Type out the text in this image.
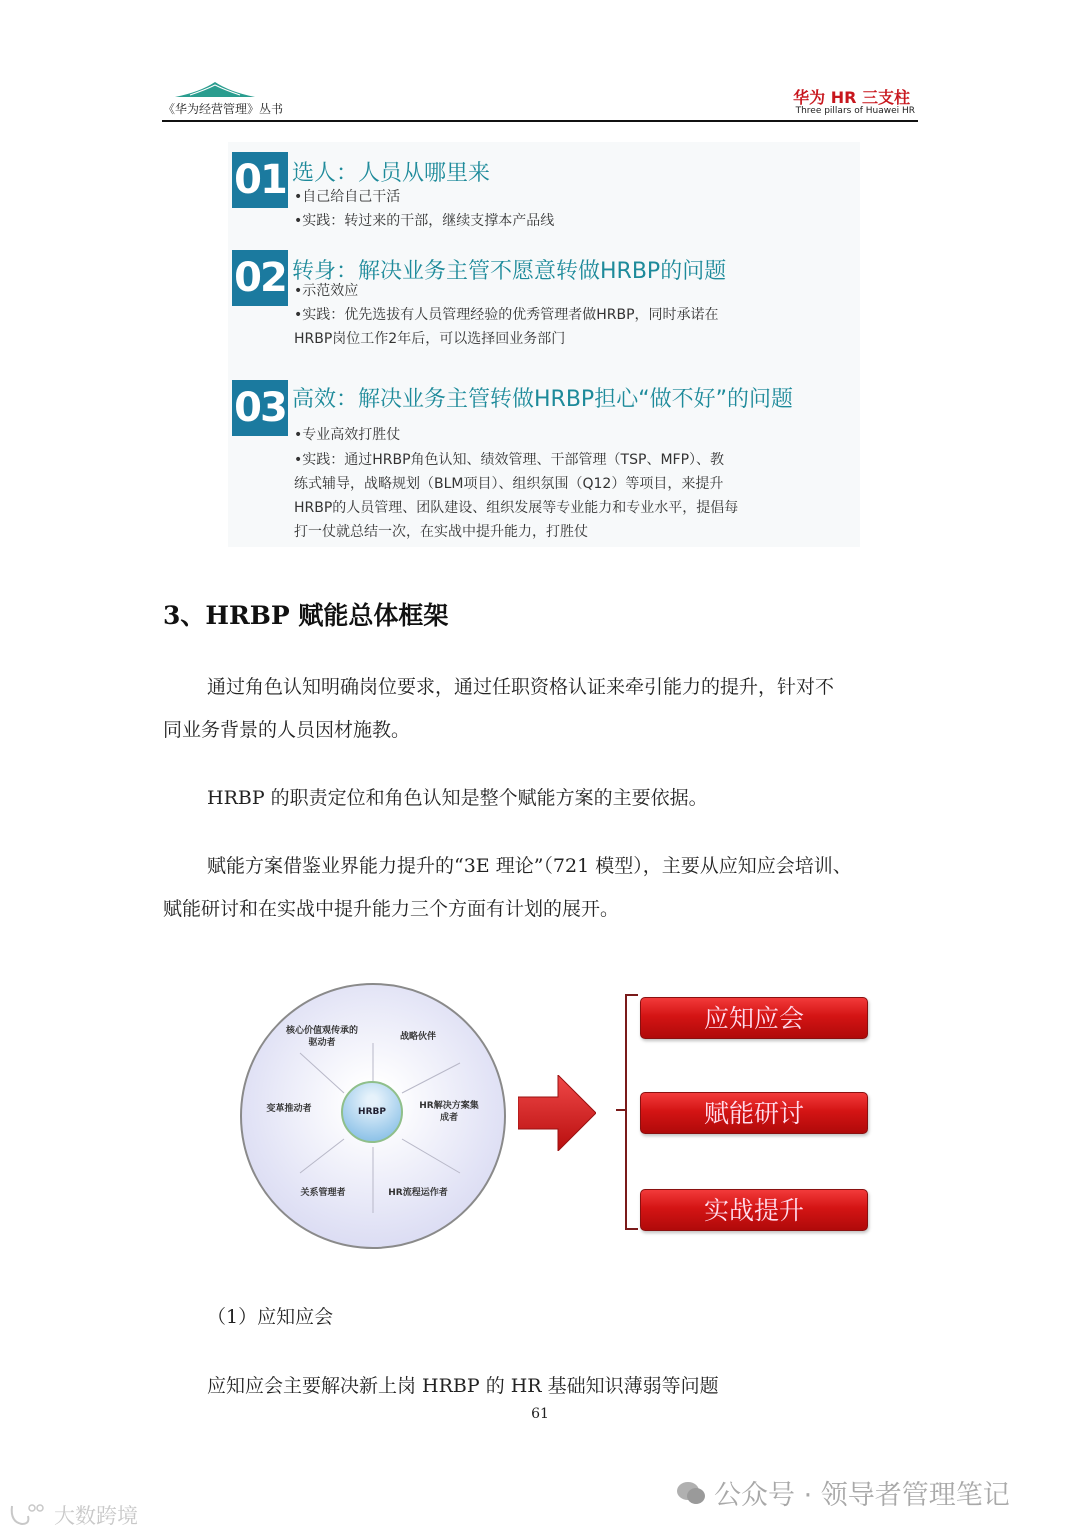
《华为经营管理》丛书
华为 HR 三支柱
Three pillars of Huawei HR
01 选人：人员从哪里来
•自己给自己干活
•实践：转过来的干部，继续支撑本产品线
02 转身：解决业务主管不愿意转做HRBP的问题
•示范效应
•实践：优先选拔有人员管理经验的优秀管理者做HRBP，同时承诺在
HRBP岗位工作2年后，可以选择回业务部门
03 高效：解决业务主管转做HRBP担心“做不好”的问题
•专业高效打胜仗
•实践：通过HRBP角色认知、绩效管理、干部管理（TSP、MFP）、教
练式辅导，战略规划（BLM项目）、组织氛围（Q12）等项目，来提升
HRBP的人员管理、团队建设、组织发展等专业能力和专业水平，提倡每
打一仗就总结一次，在实战中提升能力，打胜仗
3、HRBP 赋能总体框架
通过角色认知明确岗位要求，通过任职资格认证来牵引能力的提升，针对不
同业务背景的人员因材施教。
HRBP 的职责定位和角色认知是整个赋能方案的主要依据。
赋能方案借鉴业界能力提升的“3E 理论”（721 模型），主要从应知应会培训、
赋能研讨和在实战中提升能力三个方面有计划的展开。
HRBP
核心价值观传承的
驱动者
战略伙伴
HR解决方案集
成者
HR流程运作者
关系管理者
变革推动者
应知应会
赋能研讨
实战提升
（1）应知应会
应知应会主要解决新上岗 HRBP 的 HR 基础知识薄弱等问题
61
公众号 · 领导者管理笔记
大数跨境
